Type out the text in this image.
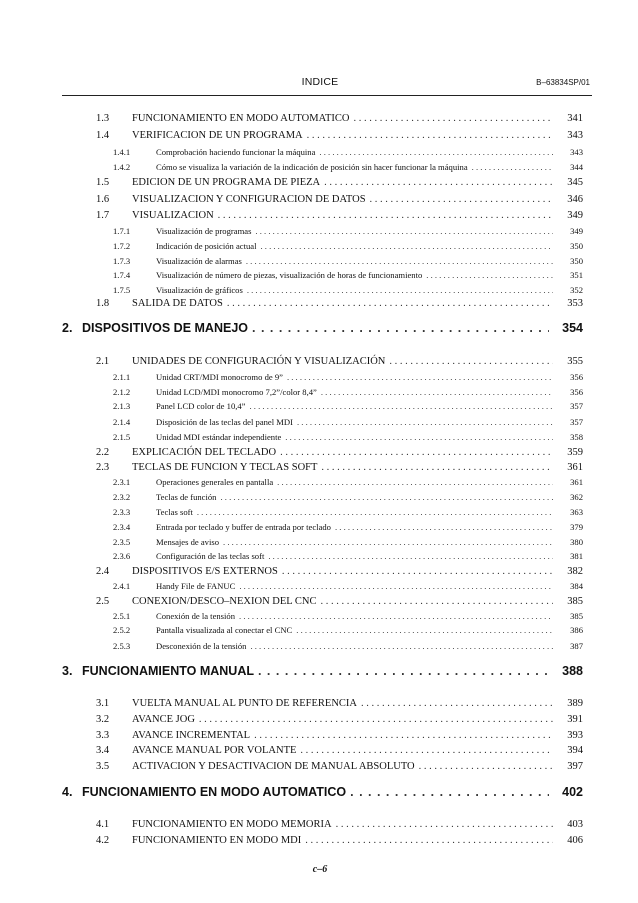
INDICE	B–63834SP/01
1.3	FUNCIONAMIENTO EN MODO AUTOMATICO . . .	341
1.4	VERIFICACION DE UN PROGRAMA . . .	343
1.4.1	Comprobación haciendo funcionar la máquina . . .	343
1.4.2	Cómo se visualiza la variación de la indicación de posición sin hacer funcionar la máquina . . .	344
1.5	EDICION DE UN PROGRAMA DE PIEZA . . .	345
1.6	VISUALIZACION Y CONFIGURACION DE DATOS . . .	346
1.7	VISUALIZACION . . .	349
1.7.1	Visualización de programas . . .	349
1.7.2	Indicación de posición actual . . .	350
1.7.3	Visualización de alarmas . . .	350
1.7.4	Visualización de número de piezas, visualización de horas de funcionamiento . . .	351
1.7.5	Visualización de gráficos . . .	352
1.8	SALIDA DE DATOS . . .	353
2. DISPOSITIVOS DE MANEJO . . .	354
2.1	UNIDADES DE CONFIGURACIÓN Y VISUALIZACIÓN . . .	355
2.1.1	Unidad CRT/MDI monocromo de 9” . . .	356
2.1.2	Unidad LCD/MDI monocromo 7,2”/color 8,4” . . .	356
2.1.3	Panel LCD color de 10,4” . . .	357
2.1.4	Disposición de las teclas del panel MDI . . .	357
2.1.5	Unidad MDI estándar independiente . . .	358
2.2	EXPLICACIÓN DEL TECLADO . . .	359
2.3	TECLAS DE FUNCION Y TECLAS SOFT . . .	361
2.3.1	Operaciones generales en pantalla . . .	361
2.3.2	Teclas de función . . .	362
2.3.3	Teclas soft . . .	363
2.3.4	Entrada por teclado y buffer de entrada por teclado . . .	379
2.3.5	Mensajes de aviso . . .	380
2.3.6	Configuración de las teclas soft . . .	381
2.4	DISPOSITIVOS E/S EXTERNOS . . .	382
2.4.1	Handy File de FANUC . . .	384
2.5	CONEXION/DESCO–NEXION DEL CNC . . .	385
2.5.1	Conexión de la tensión . . .	385
2.5.2	Pantalla visualizada al conectar el CNC . . .	386
2.5.3	Desconexión de la tensión . . .	387
3. FUNCIONAMIENTO MANUAL . . .	388
3.1	VUELTA MANUAL AL PUNTO DE REFERENCIA . . .	389
3.2	AVANCE JOG . . .	391
3.3	AVANCE INCREMENTAL . . .	393
3.4	AVANCE MANUAL POR VOLANTE . . .	394
3.5	ACTIVACION Y DESACTIVACION DE MANUAL ABSOLUTO . . .	397
4. FUNCIONAMIENTO EN MODO AUTOMATICO . . .	402
4.1	FUNCIONAMIENTO EN MODO MEMORIA . . .	403
4.2	FUNCIONAMIENTO EN MODO MDI . . .	406
c–6
